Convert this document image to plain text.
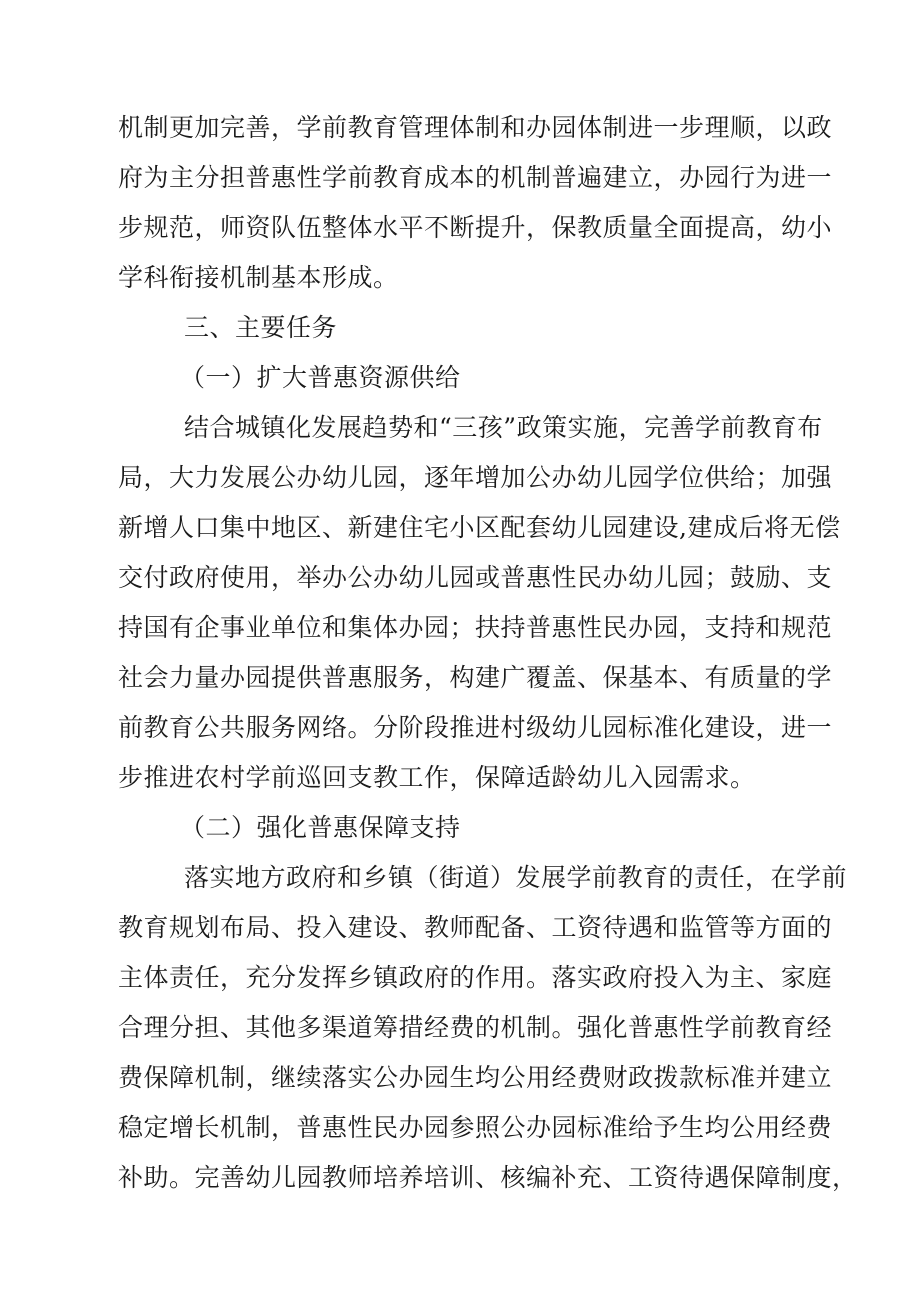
机制更加完善，学前教育管理体制和办园体制进一步理顺，以政
府为主分担普惠性学前教育成本的机制普遍建立，办园行为进一
步规范，师资队伍整体水平不断提升，保教质量全面提高，幼小
学科衔接机制基本形成。
三、主要任务
（一）扩大普惠资源供给
结合城镇化发展趋势和“三孩”政策实施，完善学前教育布
局，大力发展公办幼儿园，逐年增加公办幼儿园学位供给；加强
新增人口集中地区、新建住宅小区配套幼儿园建设,建成后将无偿
交付政府使用，举办公办幼儿园或普惠性民办幼儿园；鼓励、支
持国有企事业单位和集体办园；扶持普惠性民办园，支持和规范
社会力量办园提供普惠服务，构建广覆盖、保基本、有质量的学
前教育公共服务网络。分阶段推进村级幼儿园标准化建设，进一
步推进农村学前巡回支教工作，保障适龄幼儿入园需求。
（二）强化普惠保障支持
落实地方政府和乡镇（街道）发展学前教育的责任，在学前
教育规划布局、投入建设、教师配备、工资待遇和监管等方面的
主体责任，充分发挥乡镇政府的作用。落实政府投入为主、家庭
合理分担、其他多渠道筹措经费的机制。强化普惠性学前教育经
费保障机制，继续落实公办园生均公用经费财政拨款标准并建立
稳定增长机制，普惠性民办园参照公办园标准给予生均公用经费
补助。完善幼儿园教师培养培训、核编补充、工资待遇保障制度，
